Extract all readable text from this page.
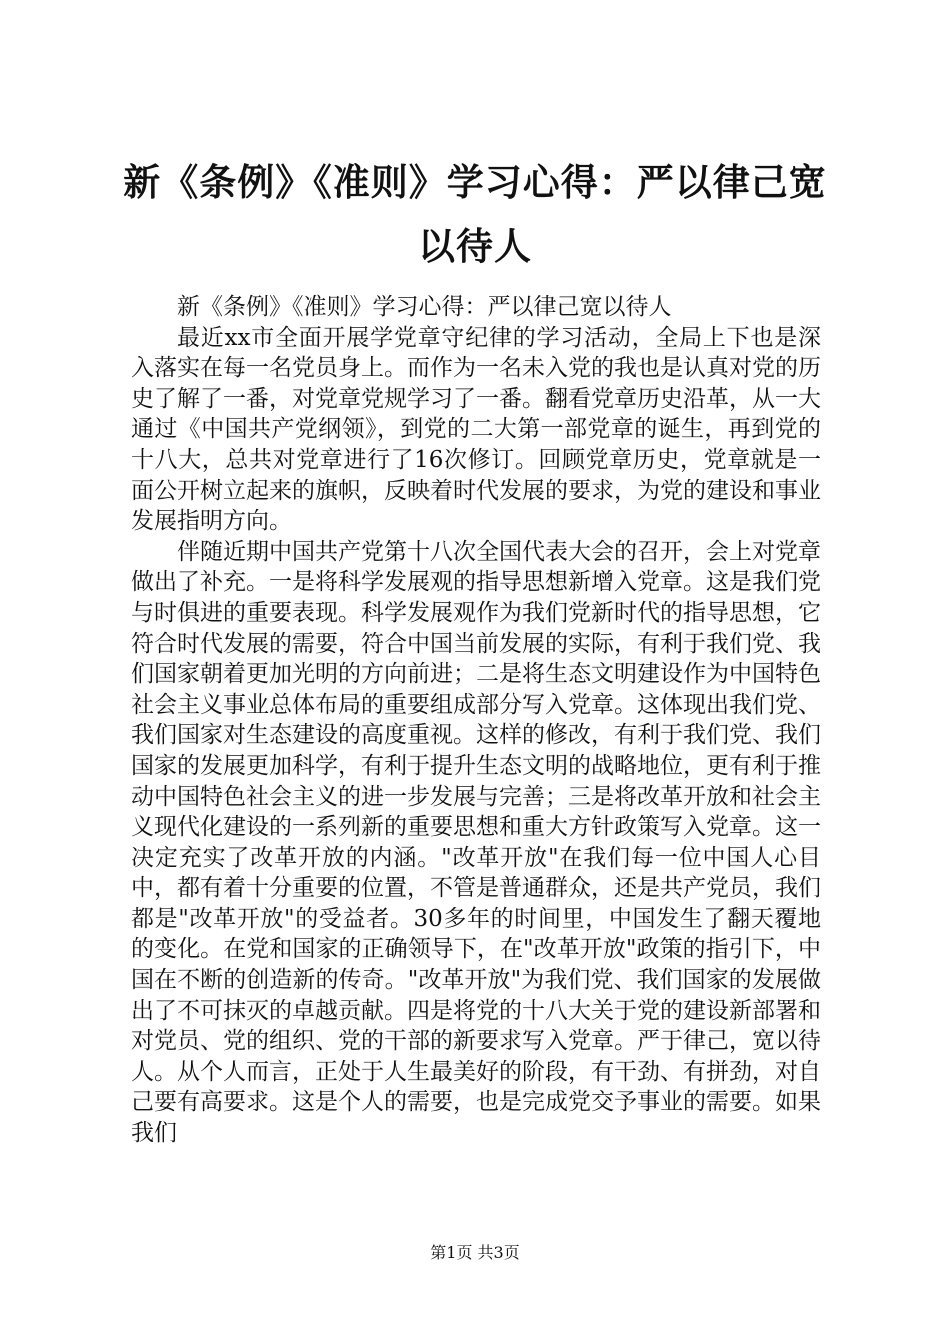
新《条例》《准则》学习心得：严以律己宽以待人

新《条例》《准则》学习心得：严以律己宽以待人

最近xx市全面开展学党章守纪律的学习活动，全局上下也是深入落实在每一名党员身上。而作为一名未入党的我也是认真对党的历史了解了一番，对党章党规学习了一番。翻看党章历史沿革，从一大通过《中国共产党纲领》，到党的二大第一部党章的诞生，再到党的十八大，总共对党章进行了16次修订。回顾党章历史，党章就是一面公开树立起来的旗帜，反映着时代发展的要求，为党的建设和事业发展指明方向。

伴随近期中国共产党第十八次全国代表大会的召开，会上对党章做出了补充。一是将科学发展观的指导思想新增入党章。这是我们党与时俱进的重要表现。科学发展观作为我们党新时代的指导思想，它符合时代发展的需要，符合中国当前发展的实际，有利于我们党、我们国家朝着更加光明的方向前进；二是将生态文明建设作为中国特色社会主义事业总体布局的重要组成部分写入党章。这体现出我们党、我们国家对生态建设的高度重视。这样的修改，有利于我们党、我们国家的发展更加科学，有利于提升生态文明的战略地位，更有利于推动中国特色社会主义的进一步发展与完善；三是将改革开放和社会主义现代化建设的一系列新的重要思想和重大方针政策写入党章。这一决定充实了改革开放的内涵。"改革开放"在我们每一位中国人心目中，都有着十分重要的位置，不管是普通群众，还是共产党员，我们都是"改革开放"的受益者。30多年的时间里，中国发生了翻天覆地的变化。在党和国家的正确领导下，在"改革开放"政策的指引下，中国在不断的创造新的传奇。"改革开放"为我们党、我们国家的发展做出了不可抹灭的卓越贡献。四是将党的十八大关于党的建设新部署和对党员、党的组织、党的干部的新要求写入党章。严于律己，宽以待人。从个人而言，正处于人生最美好的阶段，有干劲、有拼劲，对自己要有高要求。这是个人的需要，也是完成党交予事业的需要。如果我们

第1页 共3页
